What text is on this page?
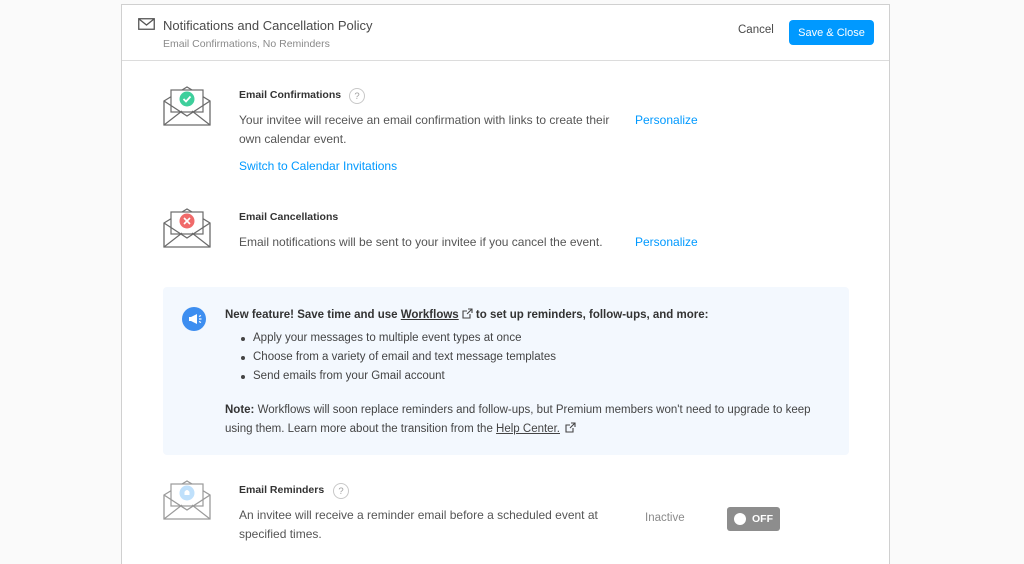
Notifications and Cancellation Policy
Email Confirmations, No Reminders
Cancel	Save & Close
Email Confirmations	?
Your invitee will receive an email confirmation with links to create their own calendar event.
Personalize
Switch to Calendar Invitations
Email Cancellations
Email notifications will be sent to your invitee if you cancel the event.	Personalize
New feature! Save time and use Workflows to set up reminders, follow-ups, and more:
Apply your messages to multiple event types at once
Choose from a variety of email and text message templates
Send emails from your Gmail account
Note: Workflows will soon replace reminders and follow-ups, but Premium members won't need to upgrade to keep using them. Learn more about the transition from the Help Center.
Email Reminders	?
An invitee will receive a reminder email before a scheduled event at specified times.
Inactive	OFF
